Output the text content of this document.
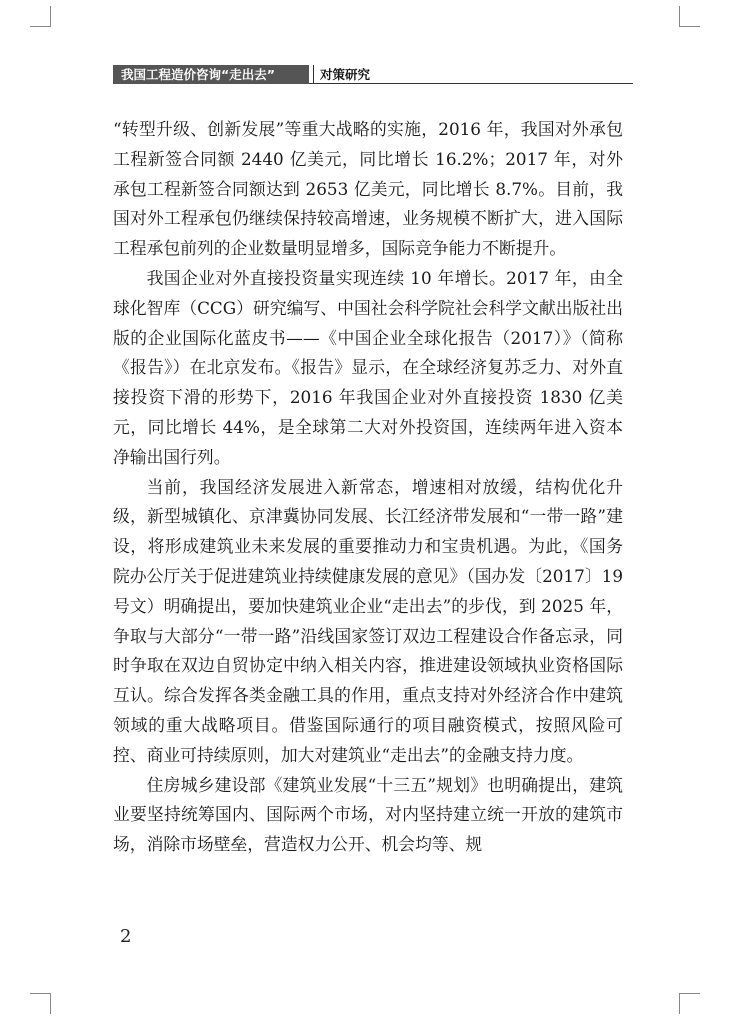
我国工程造价咨询“走出去”	对策研究

“转型升级、创新发展”等重大战略的实施，2016 年，我国对外承包工程新签合同额 2440 亿美元，同比增长 16.2%；2017 年，对外承包工程新签合同额达到 2653 亿美元，同比增长 8.7%。目前，我国对外工程承包仍继续保持较高增速，业务规模不断扩大，进入国际工程承包前列的企业数量明显增多，国际竞争能力不断提升。

我国企业对外直接投资量实现连续 10 年增长。2017 年，由全球化智库（CCG）研究编写、中国社会科学院社会科学文献出版社出版的企业国际化蓝皮书——《中国企业全球化报告（2017）》（简称《报告》）在北京发布。《报告》显示，在全球经济复苏乏力、对外直接投资下滑的形势下，2016 年我国企业对外直接投资 1830 亿美元，同比增长 44%，是全球第二大对外投资国，连续两年进入资本净输出国行列。

当前，我国经济发展进入新常态，增速相对放缓，结构优化升级，新型城镇化、京津冀协同发展、长江经济带发展和“一带一路”建设，将形成建筑业未来发展的重要推动力和宝贵机遇。为此，《国务院办公厅关于促进建筑业持续健康发展的意见》（国办发〔2017〕19 号文）明确提出，要加快建筑业企业“走出去”的步伐，到 2025 年，争取与大部分“一带一路”沿线国家签订双边工程建设合作备忘录，同时争取在双边自贸协定中纳入相关内容，推进建设领域执业资格国际互认。综合发挥各类金融工具的作用，重点支持对外经济合作中建筑领域的重大战略项目。借鉴国际通行的项目融资模式，按照风险可控、商业可持续原则，加大对建筑业“走出去”的金融支持力度。

住房城乡建设部《建筑业发展“十三五”规划》也明确提出，建筑业要坚持统筹国内、国际两个市场，对内坚持建立统一开放的建筑市场，消除市场壁垒，营造权力公开、机会均等、规

2
